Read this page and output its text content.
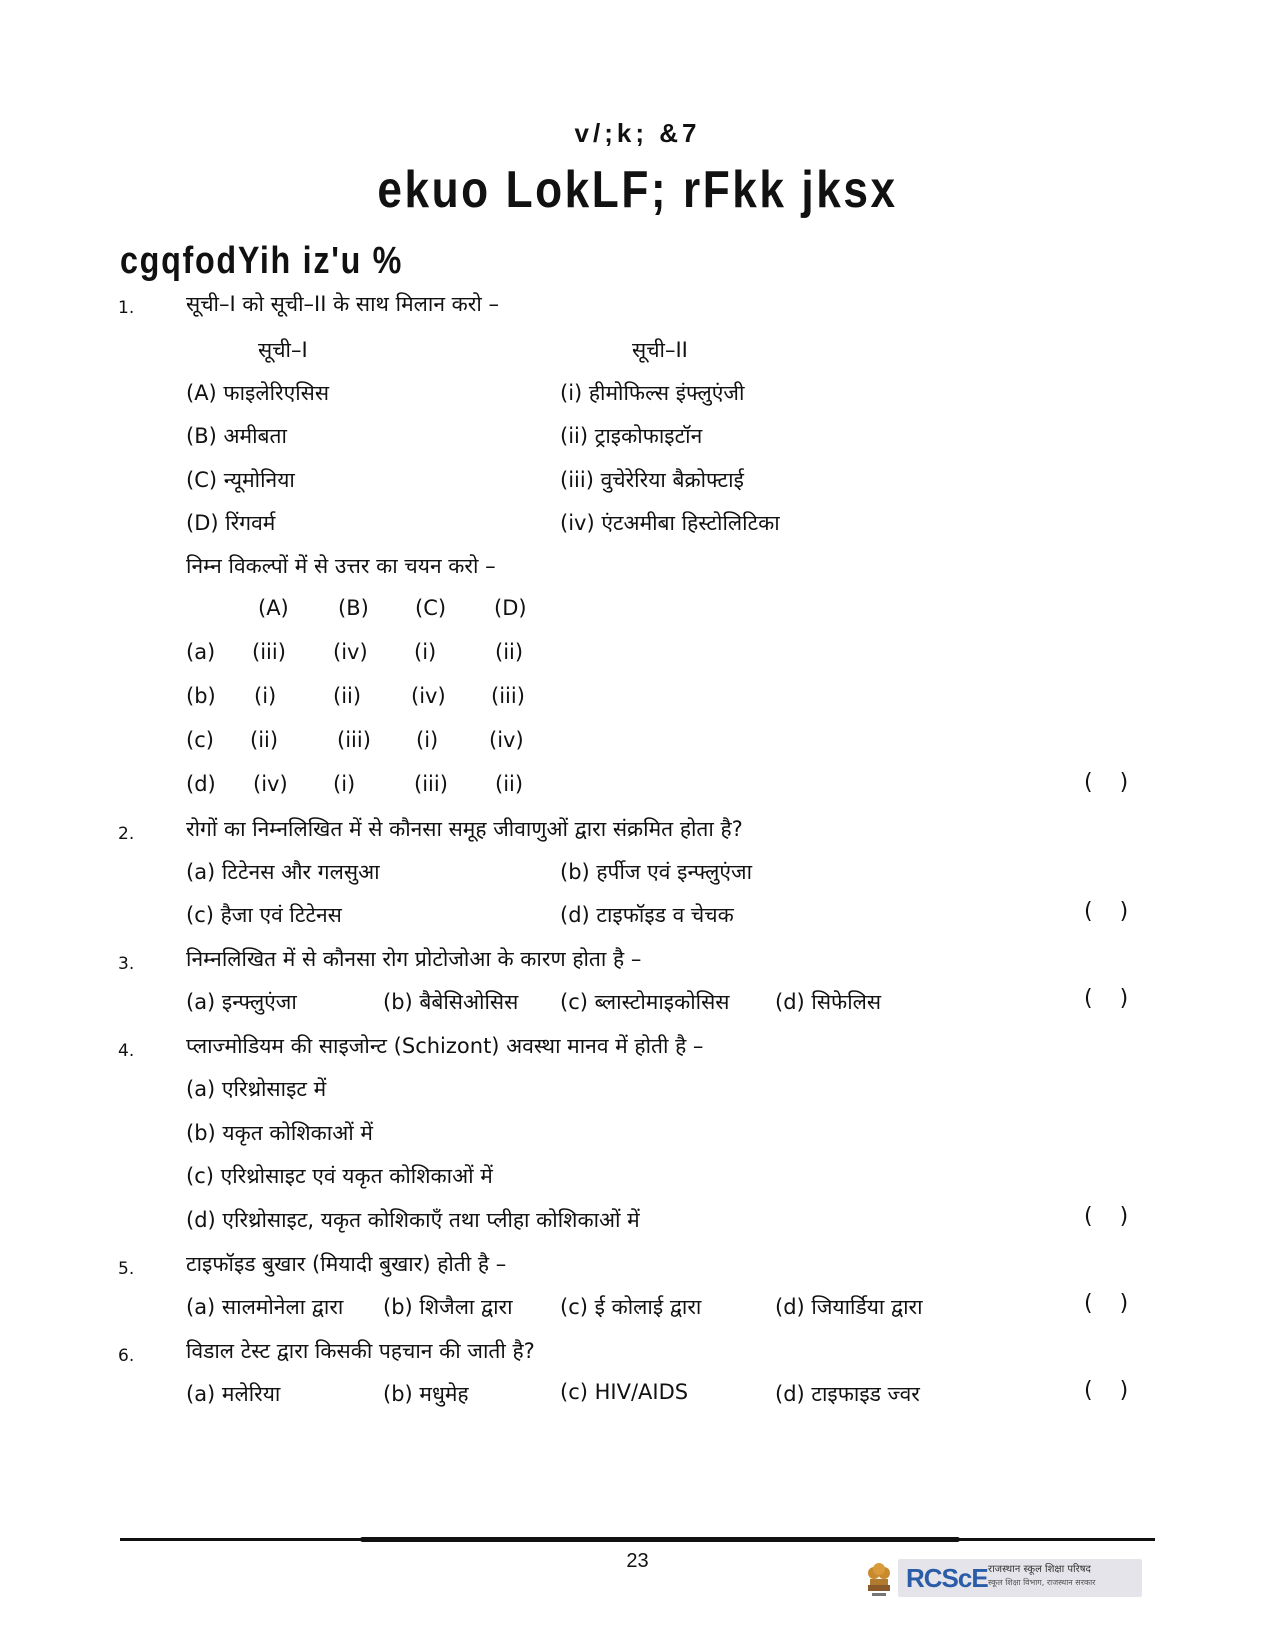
v/;k; &7
ekuo LokLF; rFkk jksx
cgqfodYih iz'u %
1. सूची–I को सूची–II के साथ मिलान करो –
सूची–I	सूची–II
(A) फाइलेरिएसिस	(i) हीमोफिल्स इंफ्लुएंजी
(B) अमीबता	(ii) ट्राइकोफाइटॉन
(C) न्यूमोनिया	(iii) वुचेरेरिया बैक्रोफ्टाई
(D) रिंगवर्म	(iv) एंटअमीबा हिस्टोलिटिका
निम्न विकल्पों में से उत्तर का चयन करो –
(A) (B) (C) (D)
(a) (iii) (iv) (i)	(ii)
(b) (i)	(ii) (iv) (iii)
(c) (ii)	(iii) (i) (iv)
(d) (iv) (i)	(iii) (ii)	( )
2. रोगों का निम्नलिखित में से कौनसा समूह जीवाणुओं द्वारा संक्रमित होता है?
(a) टिटेनस और गलसुआ	(b) हर्पीज एवं इन्फ्लुएंजा
(c) हैजा एवं टिटेनस	(d) टाइफॉइड व चेचक	( )
3. निम्नलिखित में से कौनसा रोग प्रोटोजोआ के कारण होता है –
(a) इन्फ्लुएंजा	(b) बैबेसिओसिस (c) ब्लास्टोमाइकोसिस (d) सिफेलिस	( )
4. प्लाज्मोडियम की साइजोन्ट (Schizont) अवस्था मानव में होती है –
(a) एरिथ्रोसाइट में
(b) यकृत कोशिकाओं में
(c) एरिथ्रोसाइट एवं यकृत कोशिकाओं में
(d) एरिथ्रोसाइट, यकृत कोशिकाएँ तथा प्लीहा कोशिकाओं में	( )
5. टाइफॉइड बुखार (मियादी बुखार) होती है –
(a) सालमोनेला द्वारा (b) शिजैला द्वारा (c) ई कोलाई द्वारा	(d) जियार्डिया द्वारा	( )
6. विडाल टेस्ट द्वारा किसकी पहचान की जाती है?
(a) मलेरिया	(b) मधुमेह	(c) HIV/AIDS	(d) टाइफाइड ज्वर	( )
23
RCScE राजस्थान स्कूल शिक्षा परिषद
स्कूल शिक्षा विभाग, राजस्थान सरकार
